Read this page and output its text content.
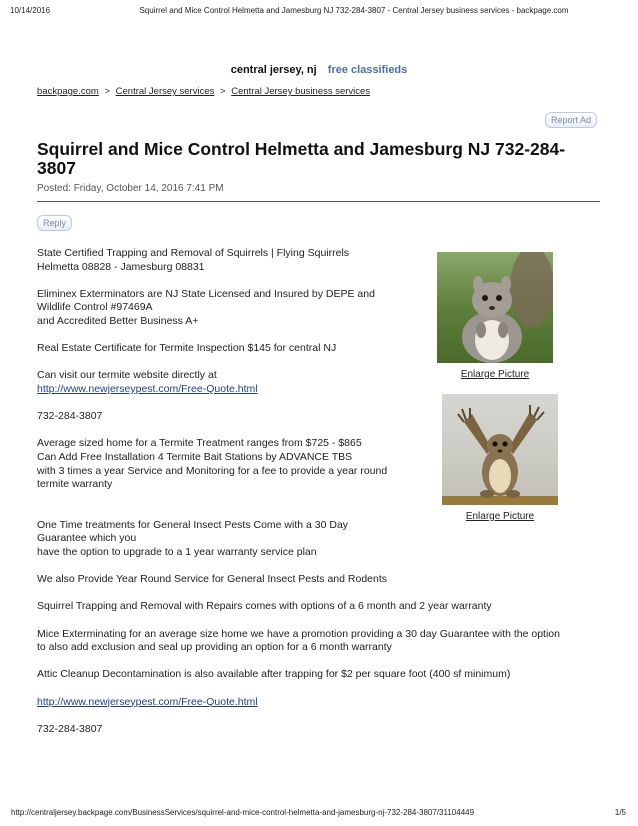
10/14/2016	Squirrel and Mice Control Helmetta and Jamesburg NJ 732-284-3807 - Central Jersey business services - backpage.com
central jersey, nj free classifieds
backpage.com > Central Jersey services > Central Jersey business services
Report Ad
Squirrel and Mice Control Helmetta and Jamesburg NJ 732-284-3807
Posted: Friday, October 14, 2016 7:41 PM
Reply

State Certified Trapping and Removal of Squirrels | Flying Squirrels
Helmetta 08828 - Jamesburg 08831

Eliminex Exterminators are NJ State Licensed and Insured by DEPE and
Wildlife Control #97469A
and Accredited Better Business A+

Real Estate Certificate for Termite Inspection $145 for central NJ

Can visit our termite website directly at
http://www.newjerseypest.com/Free-Quote.html

732-284-3807

Average sized home for a Termite Treatment ranges from $725 - $865
Can Add Free Installation 4 Termite Bait Stations by ADVANCE TBS
with 3 times a year Service and Monitoring for a fee to provide a year round
termite warranty

One Time treatments for General Insect Pests Come with a 30 Day
Guarantee which you
have the option to upgrade to a 1 year warranty service plan

We also Provide Year Round Service for General Insect Pests and Rodents

Squirrel Trapping and Removal with Repairs comes with options of a 6 month and 2 year warranty

Mice Exterminating for an average size home we have a promotion providing a 30 day Guarantee with the option
to also add exclusion and seal up providing an option for a 6 month warranty

Attic Cleanup Decontamination is also available after trapping for $2 per square foot (400 sf minimum)

http://www.newjerseypest.com/Free-Quote.html

732-284-3807

Enlarge Picture
Enlarge Picture
http://centraljersey.backpage.com/BusinessServices/squirrel-and-mice-control-helmetta-and-jamesburg-nj-732-284-3807/31104449	1/5
